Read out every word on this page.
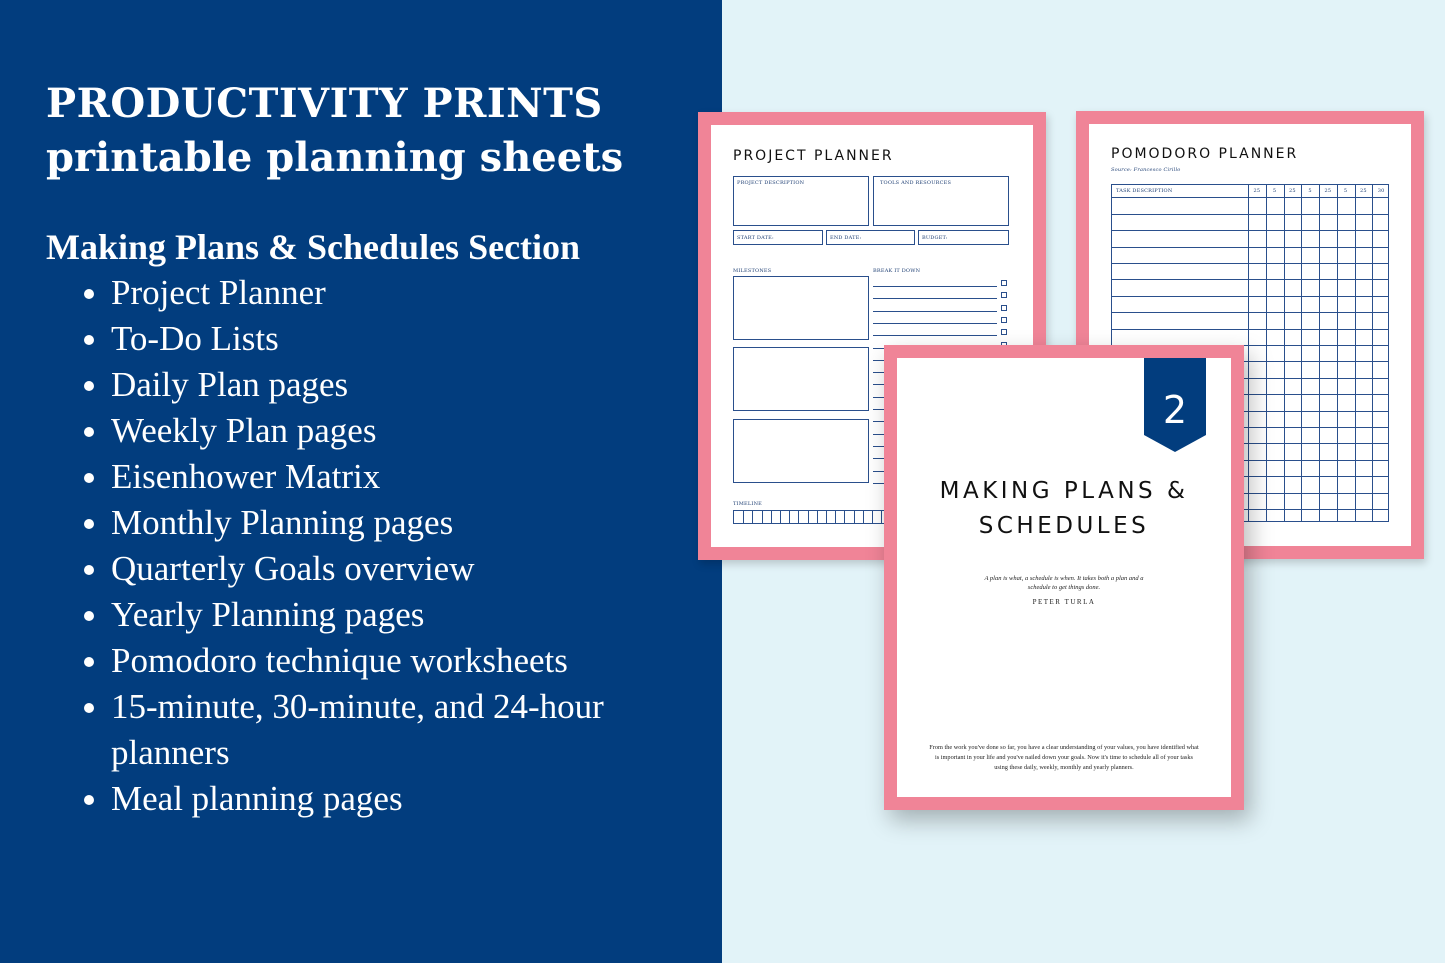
PRODUCTIVITY PRINTS
printable planning sheets
Making Plans & Schedules Section
• Project Planner
• To-Do Lists
• Daily Plan pages
• Weekly Plan pages
• Eisenhower Matrix
• Monthly Planning pages
• Quarterly Goals overview
• Yearly Planning pages
• Pomodoro technique worksheets
• 15-minute, 30-minute, and 24-hour planners
• Meal planning pages
POMODORO PLANNER
Source: Francesco Cirillo
TASK DESCRIPTION	25	5	25	5	25	5	25	30
PROJECT PLANNER
PROJECT DESCRIPTION	TOOLS AND RESOURCES
START DATE:	END DATE:	BUDGET:
MILESTONES	BREAK IT DOWN
TIMELINE
2
MAKING PLANS &
SCHEDULES
A plan is what, a schedule is when. It takes both a plan and a
schedule to get things done.
PETER TURLA
From the work you've done so far, you have a clear understanding of your values, you have identified what
is important in your life and you've nailed down your goals. Now it's time to schedule all of your tasks
using these daily, weekly, monthly and yearly planners.
